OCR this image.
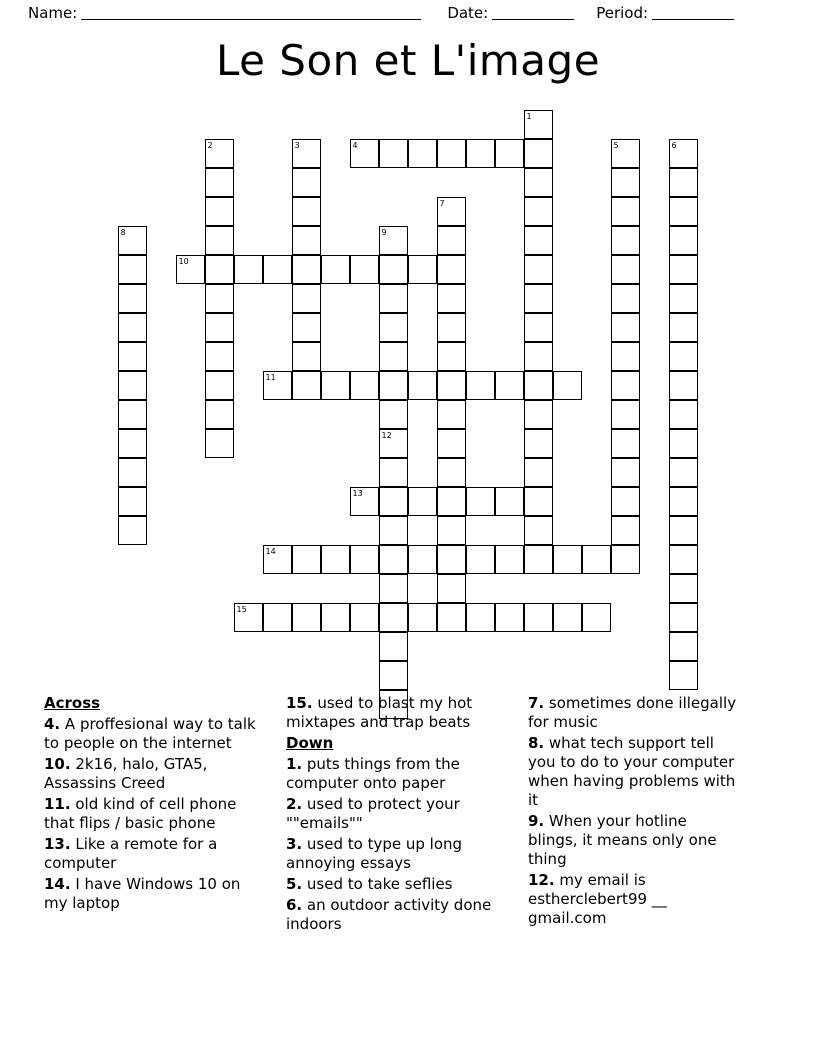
Name:	Date:	Period:
Le Son et L'image
1
2	3	4	5	6
7
8	9
12
10
11
13
14
15
Across
4. A proffesional way to talk to people on the internet
10. 2k16, halo, GTA5, Assassins Creed
11. old kind of cell phone that flips / basic phone
13. Like a remote for a computer
14. I have Windows 10 on my laptop
15. used to blast my hot mixtapes and trap beats
Down
1. puts things from the computer onto paper
2. used to protect your ""emails""
3. used to type up long annoying essays
5. used to take seflies
6. an outdoor activity done indoors
7. sometimes done illegally for music
8. what tech support tell you to do to your computer when having problems with it
9. When your hotline blings, it means only one thing
12. my email is estherclebert99 __ gmail.com
